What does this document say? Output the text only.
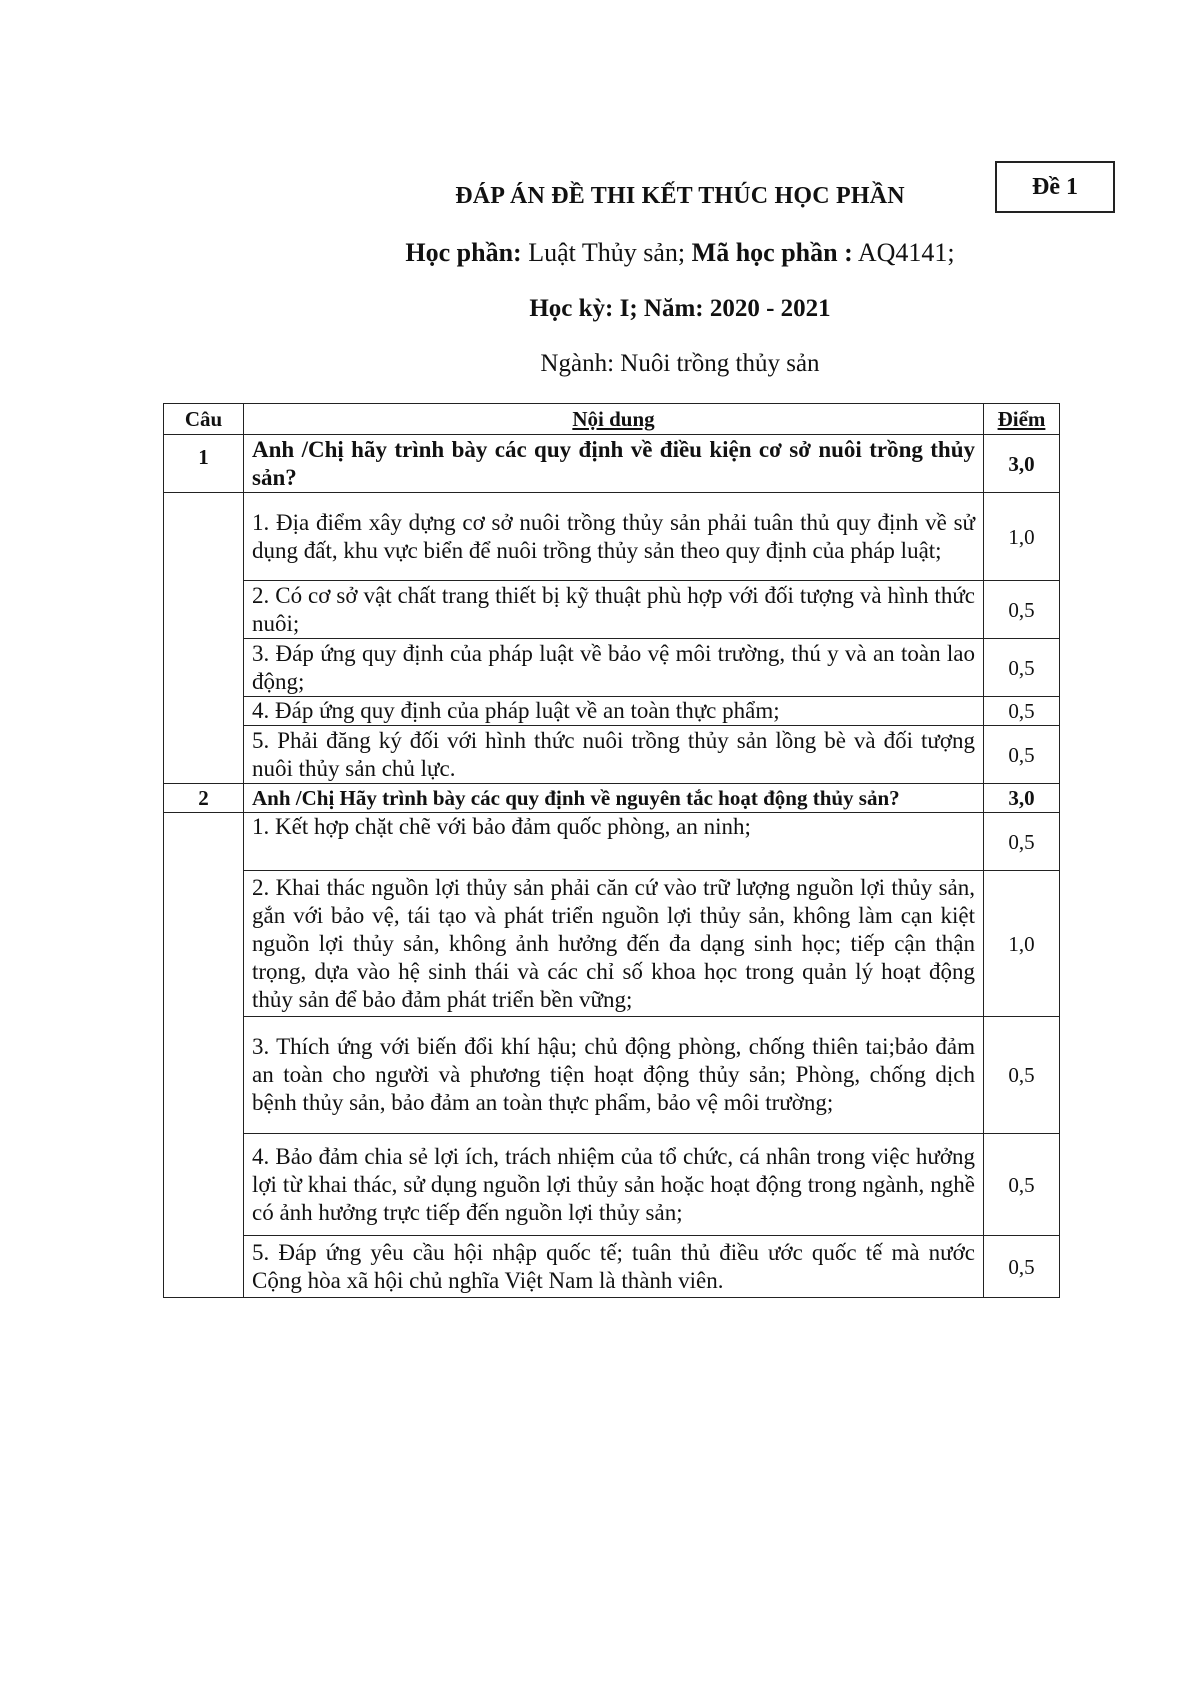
Đề 1
ĐÁP ÁN ĐỀ THI KẾT THÚC HỌC PHẦN
Học phần: Luật Thủy sản; Mã học phần : AQ4141;
Học kỳ: I; Năm: 2020 - 2021
Ngành: Nuôi trồng thủy sản
Câu	Nội dung	Điểm
1	Anh /Chị hãy trình bày các quy định về điều kiện cơ sở nuôi trồng thủy sản?	3,0
	1. Địa điểm xây dựng cơ sở nuôi trồng thủy sản phải tuân thủ quy định về sử dụng đất, khu vực biển để nuôi trồng thủy sản theo quy định của pháp luật;	1,0
	2. Có cơ sở vật chất trang thiết bị kỹ thuật phù hợp với đối tượng và hình thức nuôi;	0,5
	3. Đáp ứng quy định của pháp luật về bảo vệ môi trường, thú y và an toàn lao động;	0,5
	4. Đáp ứng quy định của pháp luật về an toàn thực phẩm;	0,5
	5. Phải đăng ký đối với hình thức nuôi trồng thủy sản lồng bè và đối tượng nuôi thủy sản chủ lực.	0,5
2	Anh /Chị Hãy trình bày các quy định về nguyên tắc hoạt động thủy sản?	3,0
	1. Kết hợp chặt chẽ với bảo đảm quốc phòng, an ninh;	0,5
	2. Khai thác nguồn lợi thủy sản phải căn cứ vào trữ lượng nguồn lợi thủy sản, gắn với bảo vệ, tái tạo và phát triển nguồn lợi thủy sản, không làm cạn kiệt nguồn lợi thủy sản, không ảnh hưởng đến đa dạng sinh học; tiếp cận thận trọng, dựa vào hệ sinh thái và các chỉ số khoa học trong quản lý hoạt động thủy sản để bảo đảm phát triển bền vững;	1,0
	3. Thích ứng với biến đổi khí hậu; chủ động phòng, chống thiên tai;bảo đảm an toàn cho người và phương tiện hoạt động thủy sản; Phòng, chống dịch bệnh thủy sản, bảo đảm an toàn thực phẩm, bảo vệ môi trường;	0,5
	4. Bảo đảm chia sẻ lợi ích, trách nhiệm của tổ chức, cá nhân trong việc hưởng lợi từ khai thác, sử dụng nguồn lợi thủy sản hoặc hoạt động trong ngành, nghề có ảnh hưởng trực tiếp đến nguồn lợi thủy sản;	0,5
	5. Đáp ứng yêu cầu hội nhập quốc tế; tuân thủ điều ước quốc tế mà nước Cộng hòa xã hội chủ nghĩa Việt Nam là thành viên.	0,5
